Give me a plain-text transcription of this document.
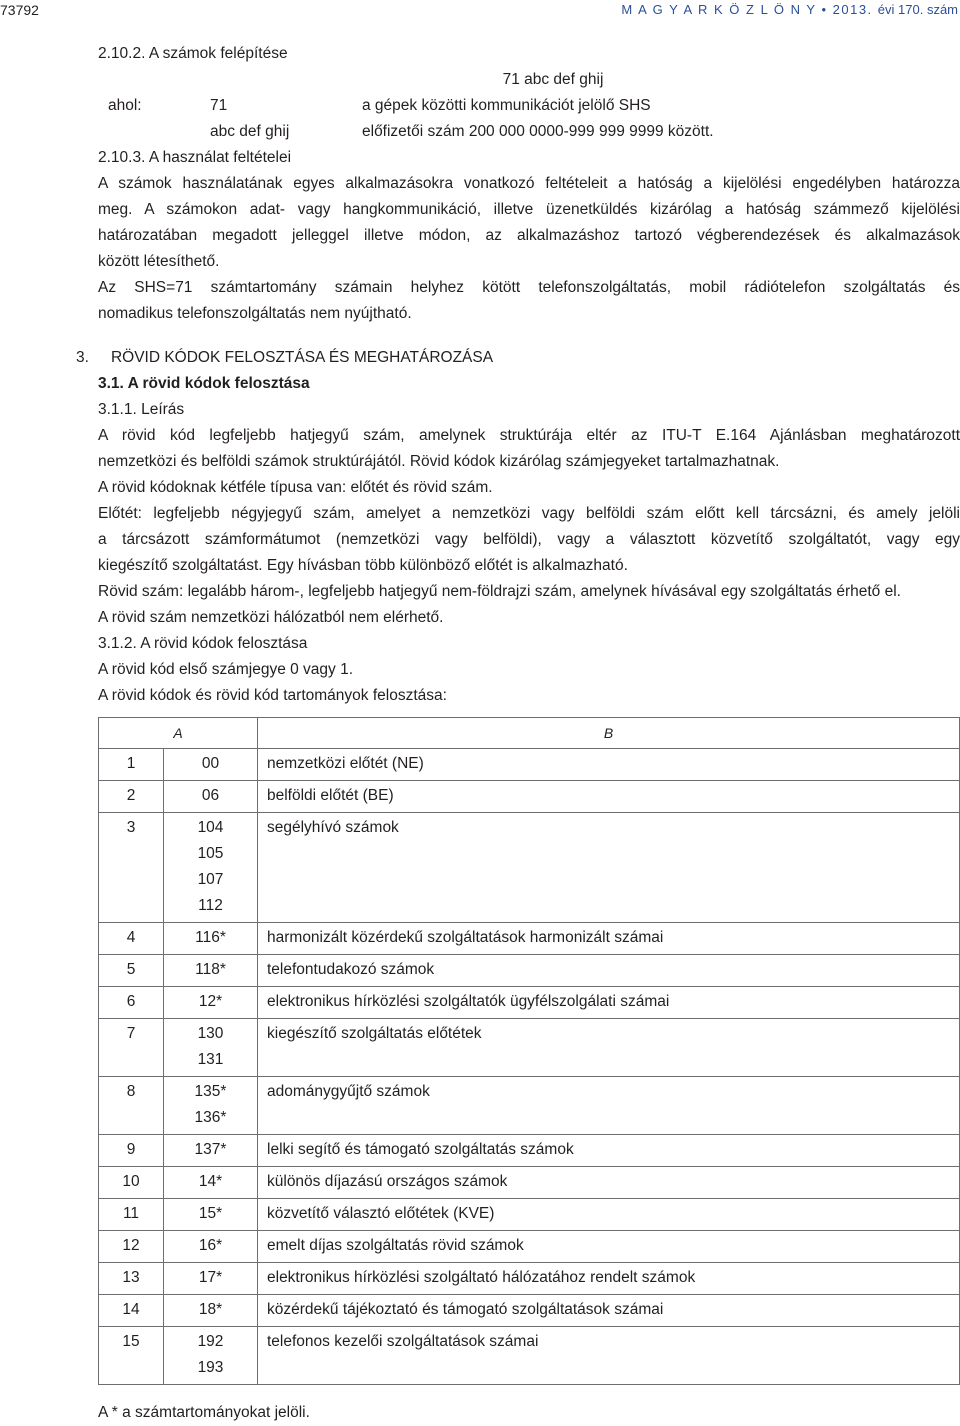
73792	M A G Y A R K Ö Z L Ö N Y • 2013. évi 170. szám
2.10.2. A számok felépítése
71 abc def ghij
ahol:	71	a gépek közötti kommunikációt jelölő SHS
abc def ghij	előfizetői szám 200 000 0000-999 999 9999 között.
2.10.3. A használat feltételei
A számok használatának egyes alkalmazásokra vonatkozó feltételeit a hatóság a kijelölési engedélyben határozza
meg. A számokon adat- vagy hangkommunikáció, illetve üzenetküldés kizárólag a hatóság számmező kijelölési
határozatában megadott jelleggel illetve módon, az alkalmazáshoz tartozó végberendezések és alkalmazások
között létesíthető.
Az SHS=71 számtartomány számain helyhez kötött telefonszolgáltatás, mobil rádiótelefon szolgáltatás és
nomadikus telefonszolgáltatás nem nyújtható.
3. RÖVID KÓDOK FELOSZTÁSA ÉS MEGHATÁROZÁSA
3.1. A rövid kódok felosztása
3.1.1. Leírás
A rövid kód legfeljebb hatjegyű szám, amelynek struktúrája eltér az ITU-T E.164 Ajánlásban meghatározott
nemzetközi és belföldi számok struktúrájától. Rövid kódok kizárólag számjegyeket tartalmazhatnak.
A rövid kódoknak kétféle típusa van: előtét és rövid szám.
Előtét: legfeljebb négyjegyű szám, amelyet a nemzetközi vagy belföldi szám előtt kell tárcsázni, és amely jelöli
a tárcsázott számformátumot (nemzetközi vagy belföldi), vagy a választott közvetítő szolgáltatót, vagy egy
kiegészítő szolgáltatást. Egy hívásban több különböző előtét is alkalmazható.
Rövid szám: legalább három-, legfeljebb hatjegyű nem-földrajzi szám, amelynek hívásával egy szolgáltatás érhető el.
A rövid szám nemzetközi hálózatból nem elérhető.
3.1.2. A rövid kódok felosztása
A rövid kód első számjegye 0 vagy 1.
A rövid kódok és rövid kód tartományok felosztása:
A		B
1	00	nemzetközi előtét (NE)
2	06	belföldi előtét (BE)
3	104
105
107
112	segélyhívó számok
4	116*	harmonizált közérdekű szolgáltatások harmonizált számai
5	118*	telefontudakozó számok
6	12*	elektronikus hírközlési szolgáltatók ügyfélszolgálati számai
7	130
131	kiegészítő szolgáltatás előtétek
8	135*
136*	adománygyűjtő számok
9	137*	lelki segítő és támogató szolgáltatás számok
10	14*	különös díjazású országos számok
11	15*	közvetítő választó előtétek (KVE)
12	16*	emelt díjas szolgáltatás rövid számok
13	17*	elektronikus hírközlési szolgáltató hálózatához rendelt számok
14	18*	közérdekű tájékoztató és támogató szolgáltatások számai
15	192
193	telefonos kezelői szolgáltatások számai
A * a számtartományokat jelöli.
